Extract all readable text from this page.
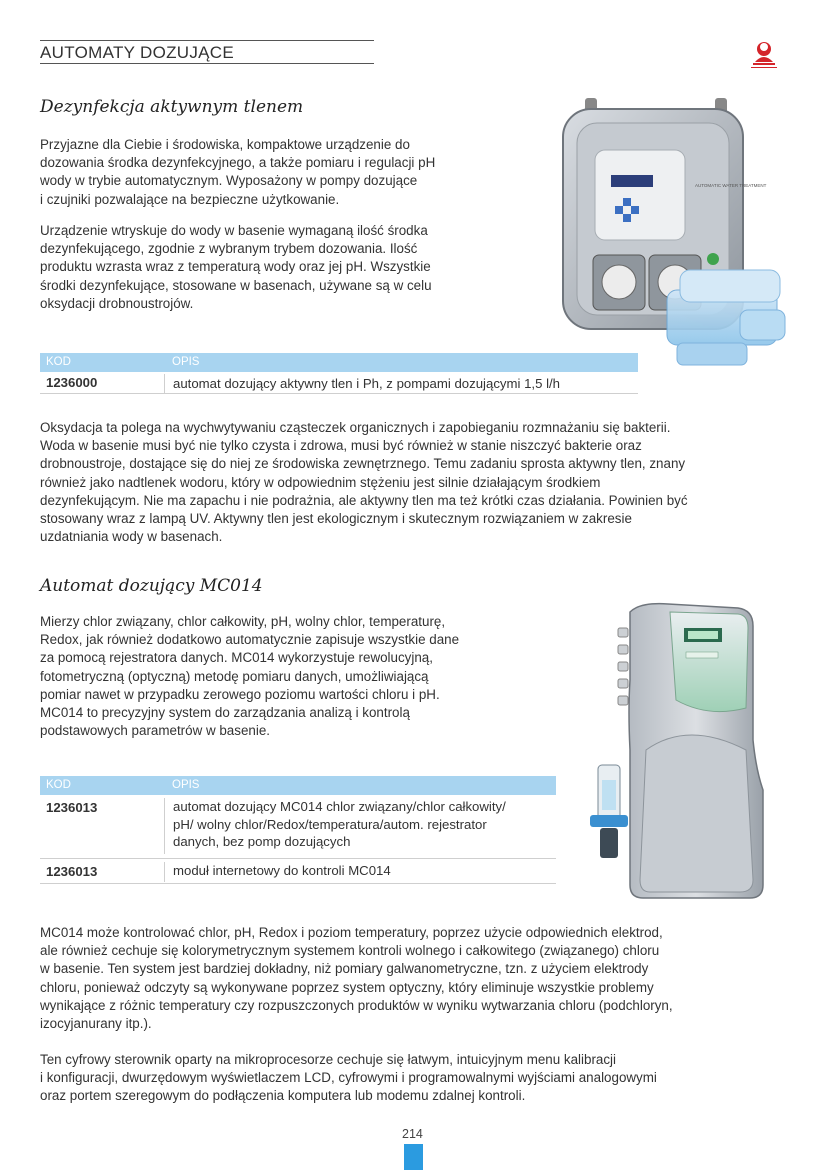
AUTOMATY DOZUJĄCE
Dezynfekcja aktywnym tlenem
Przyjazne dla Ciebie i środowiska, kompaktowe urządzenie do
dozowania środka dezynfekcyjnego, a także pomiaru i regulacji pH
wody w trybie automatycznym. Wyposażony w pompy dozujące
i czujniki pozwalające na bezpieczne użytkowanie.
Urządzenie wtryskuje do wody w basenie wymaganą ilość środka
dezynfekującego, zgodnie z wybranym trybem dozowania. Ilość
produktu wzrasta wraz z temperaturą wody oraz jej pH. Wszystkie
środki dezynfekujące, stosowane w basenach, używane są w celu
oksydacji drobnoustrojów.
AUTOMATIC WATER TREATMENT
KOD	OPIS
1236000	automat dozujący aktywny tlen i Ph, z pompami dozującymi 1,5 l/h
Oksydacja ta polega na wychwytywaniu cząsteczek organicznych i zapobieganiu rozmnażaniu się bakterii.
Woda w basenie musi być nie tylko czysta i zdrowa, musi być również w stanie niszczyć bakterie oraz
drobnoustroje, dostające się do niej ze środowiska zewnętrznego. Temu zadaniu sprosta aktywny tlen, znany
również jako nadtlenek wodoru, który w odpowiednim stężeniu jest silnie działającym środkiem
dezynfekującym. Nie ma zapachu i nie podrażnia, ale aktywny tlen ma też krótki czas działania. Powinien być
stosowany wraz z lampą UV. Aktywny tlen jest ekologicznym i skutecznym rozwiązaniem w zakresie
uzdatniania wody w basenach.
Automat dozujący MC014
Mierzy chlor związany, chlor całkowity, pH, wolny chlor, temperaturę,
Redox, jak również dodatkowo automatycznie zapisuje wszystkie dane
za pomocą rejestratora danych. MC014 wykorzystuje rewolucyjną,
fotometryczną (optyczną) metodę pomiaru danych, umożliwiającą
pomiar nawet w przypadku zerowego poziomu wartości chloru i pH.
MC014 to precyzyjny system do zarządzania analizą i kontrolą
podstawowych parametrów w basenie.
KOD	OPIS
1236013	automat dozujący MC014 chlor związany/chlor całkowity/
pH/ wolny chlor/Redox/temperatura/autom. rejestrator
danych, bez pomp dozujących
1236013	moduł internetowy do kontroli MC014
MC014 może kontrolować chlor, pH, Redox i poziom temperatury, poprzez użycie odpowiednich elektrod,
ale również cechuje się kolorymetrycznym systemem kontroli wolnego i całkowitego (związanego) chloru
w basenie. Ten system jest bardziej dokładny, niż pomiary galwanometryczne, tzn. z użyciem elektrody
chloru, ponieważ odczyty są wykonywane poprzez system optyczny, który eliminuje wszystkie problemy
wynikające z różnic temperatury czy rozpuszczonych produktów w wyniku wytwarzania chloru (podchloryn,
izocyjanurany itp.).
Ten cyfrowy sterownik oparty na mikroprocesorze cechuje się łatwym, intuicyjnym menu kalibracji
i konfiguracji, dwurzędowym wyświetlaczem LCD, cyfrowymi i programowalnymi wyjściami analogowymi
oraz portem szeregowym do podłączenia komputera lub modemu zdalnej kontroli.
214
